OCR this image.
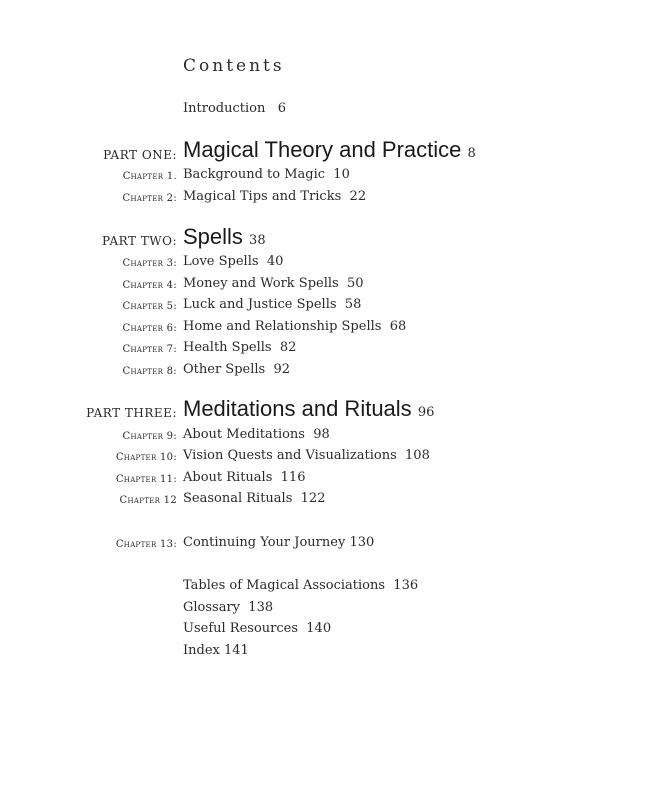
Contents
Introduction 6
PART ONE: Magical Theory and Practice 8
Chapter 1. Background to Magic 10
Chapter 2: Magical Tips and Tricks 22
PART TWO: Spells 38
Chapter 3: Love Spells 40
Chapter 4: Money and Work Spells 50
Chapter 5: Luck and Justice Spells 58
Chapter 6: Home and Relationship Spells 68
Chapter 7: Health Spells 82
Chapter 8: Other Spells 92
PART THREE: Meditations and Rituals 96
Chapter 9: About Meditations 98
Chapter 10: Vision Quests and Visualizations 108
Chapter 11: About Rituals 116
Chapter 12 Seasonal Rituals 122
Chapter 13: Continuing Your Journey 130
Tables of Magical Associations 136
Glossary 138
Useful Resources 140
Index 141
